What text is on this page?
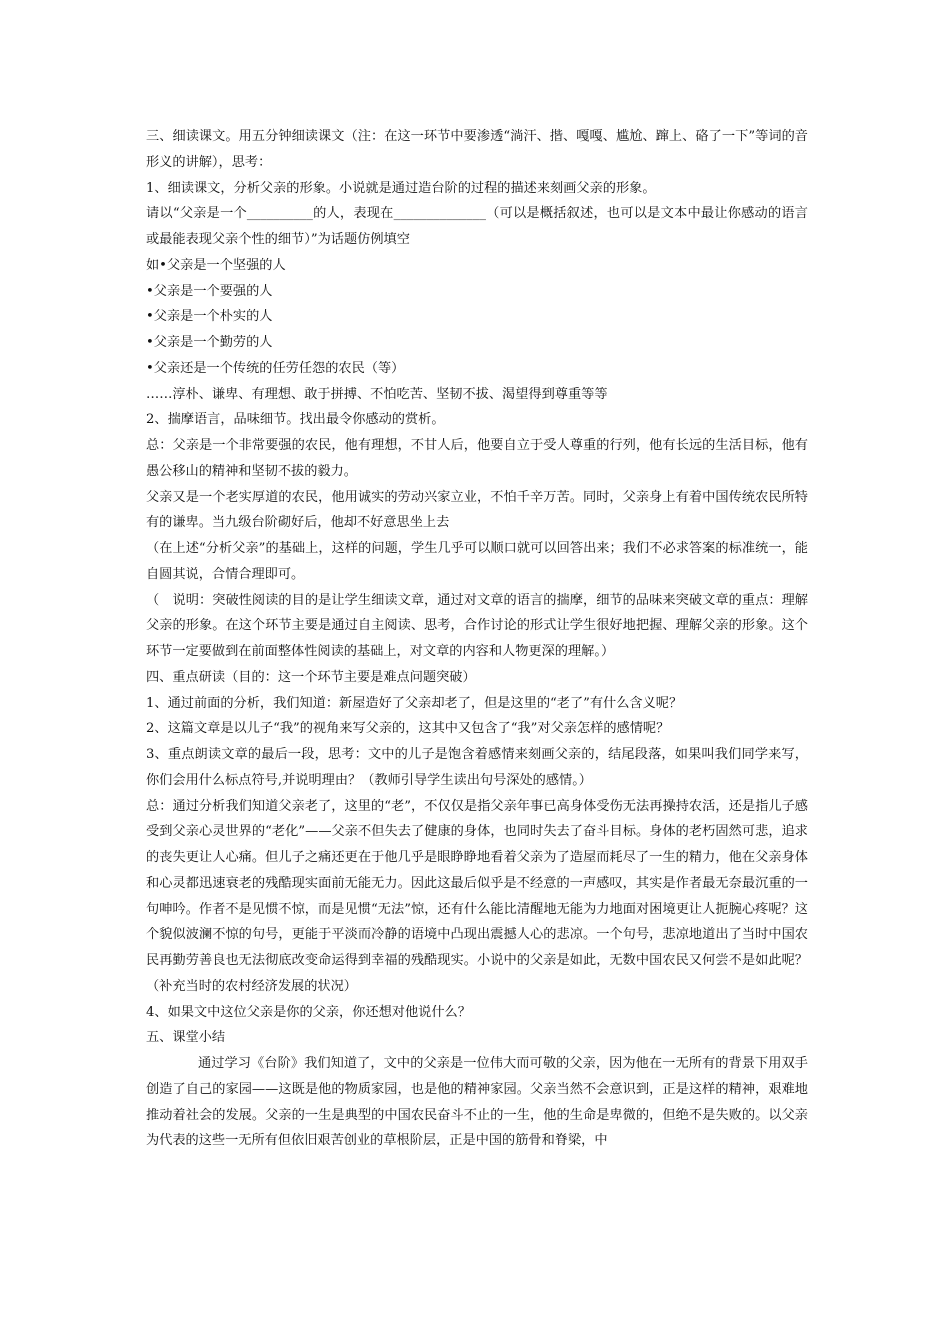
三、细读课文。用五分钟细读课文（注：在这一环节中要渗透“淌汗、揩、嘎嘎、尴尬、蹿上、硌了一下”等词的音形义的讲解），思考：

1、细读课文，分析父亲的形象。小说就是通过造台阶的过程的描述来刻画父亲的形象。

请以“父亲是一个__________的人，表现在______________（可以是概括叙述，也可以是文本中最让你感动的语言或最能表现父亲个性的细节）”为话题仿例填空

如•父亲是一个坚强的人

•父亲是一个要强的人

•父亲是一个朴实的人

•父亲是一个勤劳的人

•父亲还是一个传统的任劳任怨的农民（等）

……淳朴、谦卑、有理想、敢于拼搏、不怕吃苦、坚韧不拔、渴望得到尊重等等

2、揣摩语言，品味细节。找出最令你感动的赏析。

总：父亲是一个非常要强的农民，他有理想，不甘人后，他要自立于受人尊重的行列，他有长远的生活目标，他有愚公移山的精神和坚韧不拔的毅力。

父亲又是一个老实厚道的农民，他用诚实的劳动兴家立业，不怕千辛万苦。同时，父亲身上有着中国传统农民所特有的谦卑。当九级台阶砌好后，他却不好意思坐上去

（在上述“分析父亲”的基础上，这样的问题，学生几乎可以顺口就可以回答出来；我们不必求答案的标准统一，能自圆其说，合情合理即可。

（　说明：突破性阅读的目的是让学生细读文章，通过对文章的语言的揣摩，细节的品味来突破文章的重点：理解父亲的形象。在这个环节主要是通过自主阅读、思考，合作讨论的形式让学生很好地把握、理解父亲的形象。这个环节一定要做到在前面整体性阅读的基础上，对文章的内容和人物更深的理解。）

四、重点研读（目的：这一个环节主要是难点问题突破）

1、通过前面的分析，我们知道：新屋造好了父亲却老了，但是这里的“老了”有什么含义呢？

2、这篇文章是以儿子“我”的视角来写父亲的，这其中又包含了“我”对父亲怎样的感情呢？

3、重点朗读文章的最后一段，思考：文中的儿子是饱含着感情来刻画父亲的，结尾段落，如果叫我们同学来写，你们会用什么标点符号,并说明理由？（教师引导学生读出句号深处的感情。）

总：通过分析我们知道父亲老了，这里的“老”，不仅仅是指父亲年事已高身体受伤无法再操持农活，还是指儿子感受到父亲心灵世界的“老化”——父亲不但失去了健康的身体，也同时失去了奋斗目标。身体的老朽固然可悲，追求的丧失更让人心痛。但儿子之痛还更在于他几乎是眼睁睁地看着父亲为了造屋而耗尽了一生的精力，他在父亲身体和心灵都迅速衰老的残酷现实面前无能无力。因此这最后似乎是不经意的一声感叹，其实是作者最无奈最沉重的一句呻吟。作者不是见惯不惊，而是见惯“无法”惊，还有什么能比清醒地无能为力地面对困境更让人扼腕心疼呢？这个貌似波澜不惊的句号，更能于平淡而冷静的语境中凸现出震撼人心的悲凉。一个句号，悲凉地道出了当时中国农民再勤劳善良也无法彻底改变命运得到幸福的残酷现实。小说中的父亲是如此，无数中国农民又何尝不是如此呢？（补充当时的农村经济发展的状况）

4、如果文中这位父亲是你的父亲，你还想对他说什么？

五、课堂小结

通过学习《台阶》我们知道了，文中的父亲是一位伟大而可敬的父亲，因为他在一无所有的背景下用双手创造了自己的家园——这既是他的物质家园，也是他的精神家园。父亲当然不会意识到，正是这样的精神，艰难地推动着社会的发展。父亲的一生是典型的中国农民奋斗不止的一生，他的生命是卑微的，但绝不是失败的。以父亲为代表的这些一无所有但依旧艰苦创业的草根阶层，正是中国的筋骨和脊梁，中
